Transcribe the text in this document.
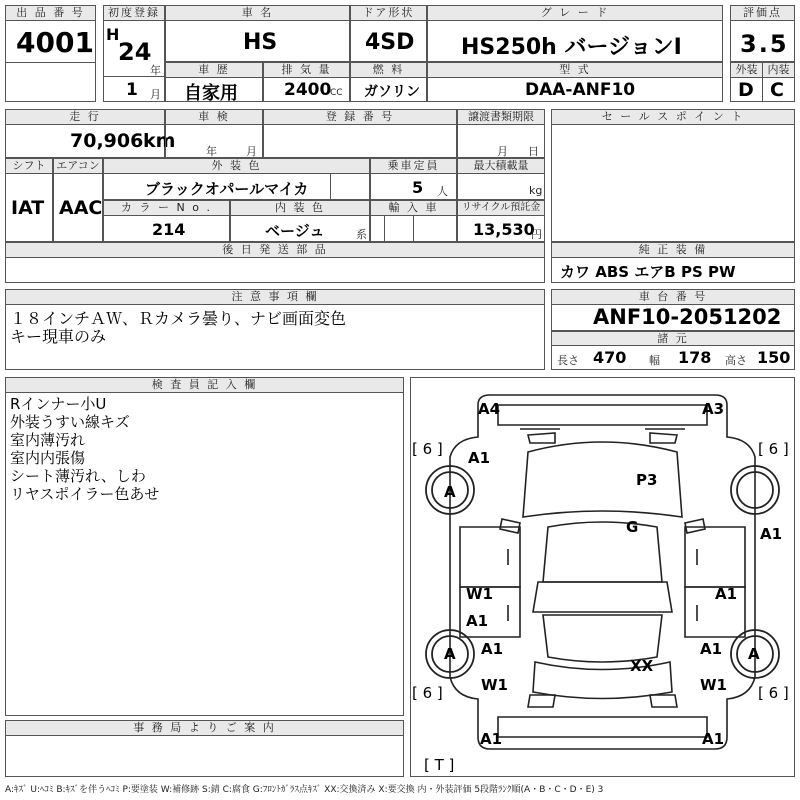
出 品 番 号
4001
初度登録
H
24
年
1 月
車 名
HS
ドア形状
4SD
グ レ ー ド
HS250h バージョンI
評価点
3.5
車 歴
自家用
排 気 量
2400
CC
燃 料
ガソリン
型 式
DAA-ANF10
外装 内装
D C
走 行
70,906 km
車 検
年	月
登 録 番 号	譲渡書類期限
月 日
セ ー ル ス ポ イ ン ト
シフト エアコン
IAT AAC
外 装 色
ブラックオパールマイカ
乗車定員
5 人
最大積載量
kg
カ ラ ー N o .
214
内 装 色
ベージュ	系
輸 入 車	リサイクル預託金
13,530
円
後 日 発 送 部 品	純 正 装 備
カワ ABS エアB PS PW
注 意 事 項 欄
１８インチＡＷ、Ｒカメラ曇り、ナビ画面変色
キー現車のみ
車 台 番 号
ANF10-2051202
諸 元
長さ 470 幅 178 高さ 150
検 査 員 記 入 欄
Rインナー小U
外装うすい線キズ
室内薄汚れ
室内内張傷
シート薄汚れ、しわ
リヤスポイラー色あせ
事 務 局 よ り ご 案 内
A4	A3
[ 6 ]	[ 6 ]
A1
A
P3
G	A1
W1	A1
A1
A1	A1
A	A
XX
W1	W1
[ 6 ]	[ 6 ]
A1	A1
[ T ]
A:ｷｽﾞ U:ﾍｺﾐ B:ｷｽﾞを伴うﾍｺﾐ P:要塗装 W:補修跡 S:錆 C:腐食 G:ﾌﾛﾝﾄｶﾞﾗｽ点ｷｽﾞ XX:交換済み X:要交換 内・外装評価 5段階ﾗﾝｸ順(A・B・C・D・E) 3
